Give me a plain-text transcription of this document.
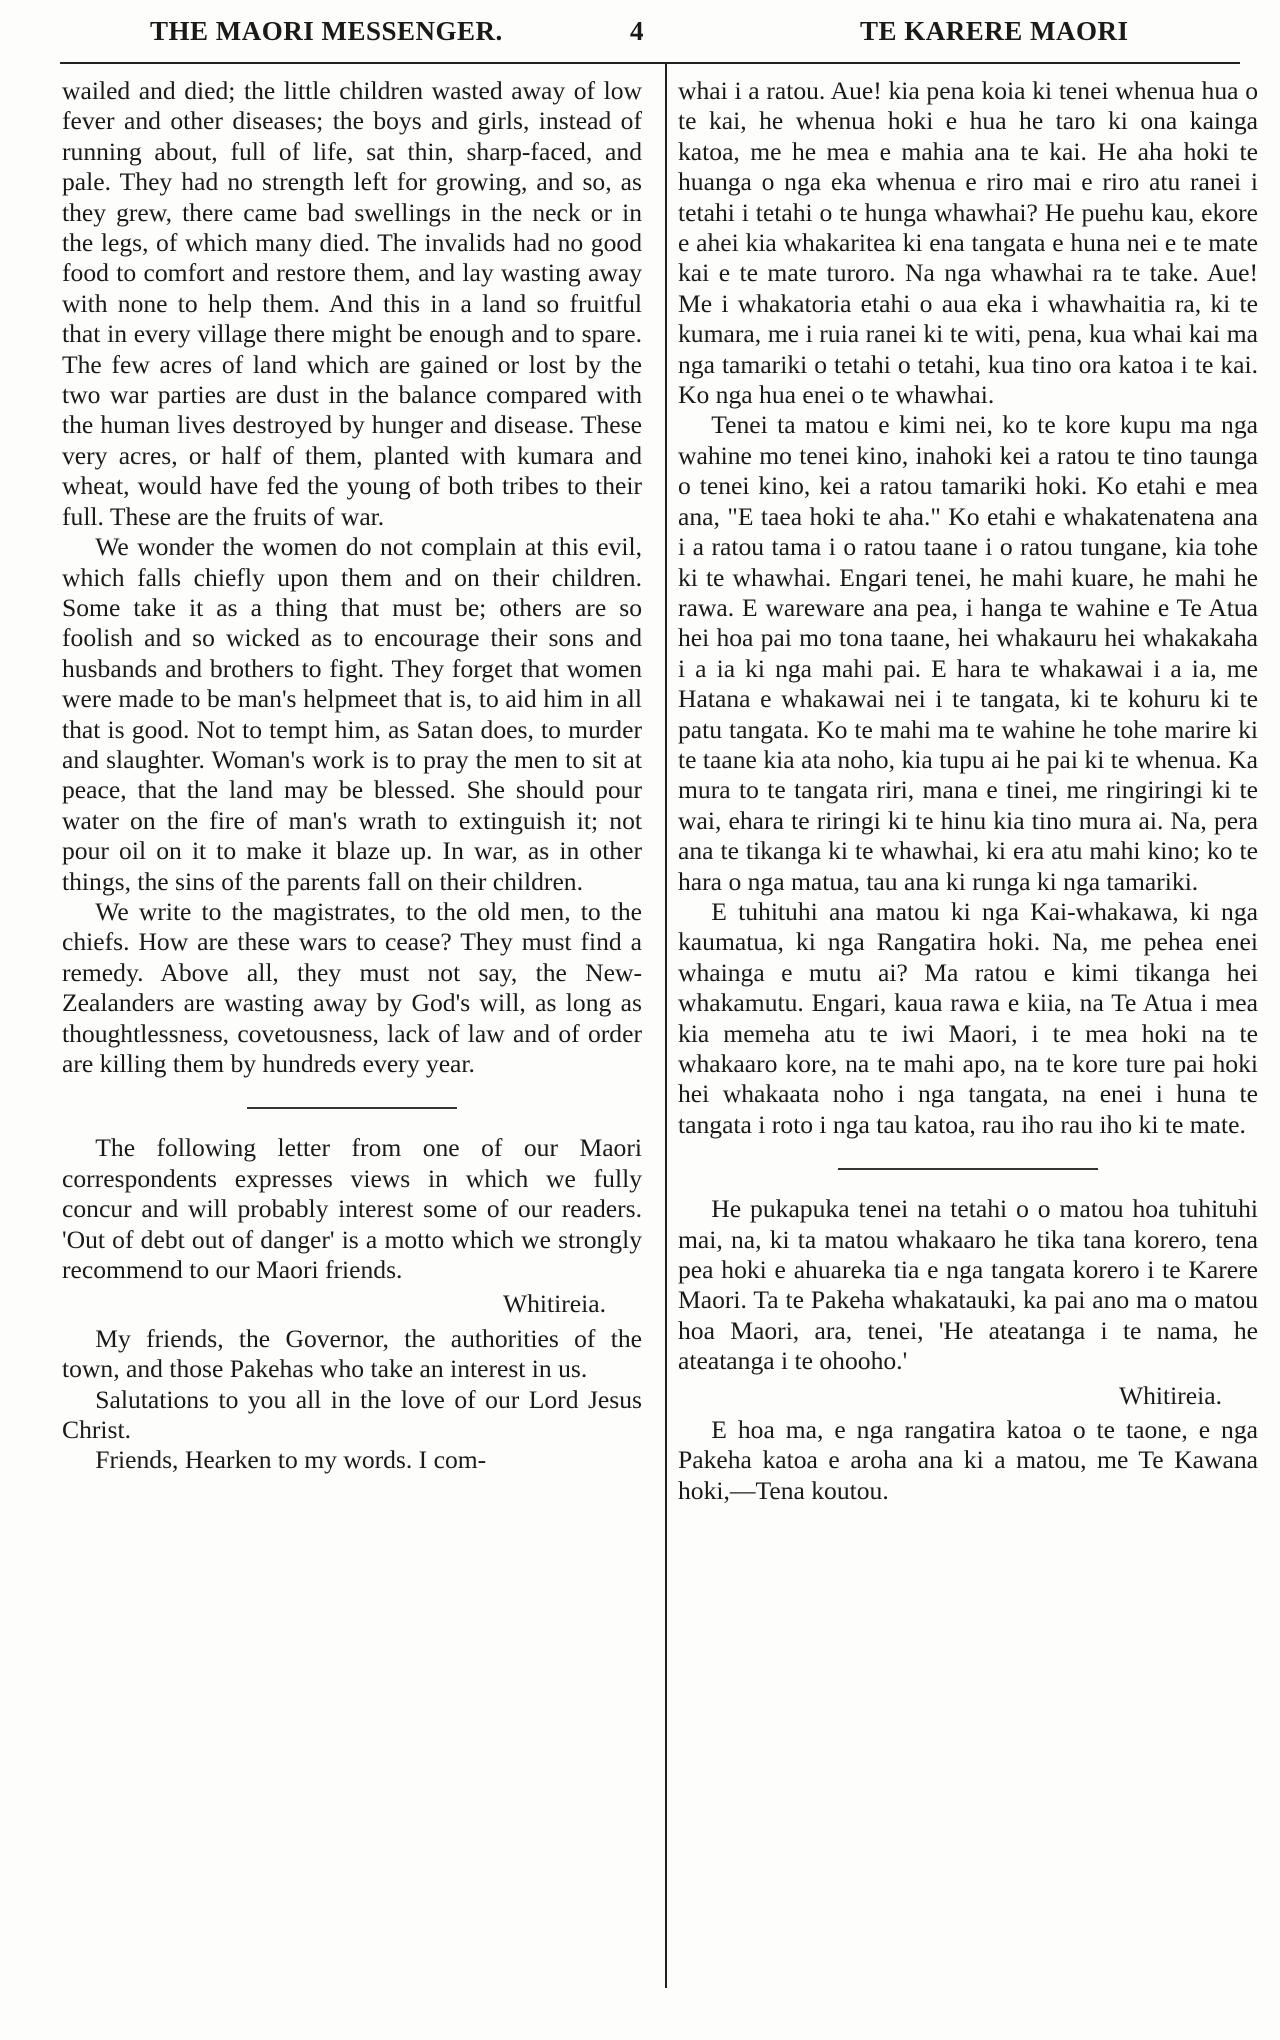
THE MAORI MESSENGER.	4	TE KARERE MAORI

wailed and died; the little children wasted away of low fever and other diseases; the boys and girls, instead of running about, full of life, sat thin, sharp-faced, and pale. They had no strength left for growing, and so, as they grew, there came bad swellings in the neck or in the legs, of which many died. The invalids had no good food to comfort and restore them, and lay wasting away with none to help them. And this in a land so fruitful that in every village there might be enough and to spare. The few acres of land which are gained or lost by the two war parties are dust in the balance compared with the human lives destroyed by hunger and disease. These very acres, or half of them, planted with kumara and wheat, would have fed the young of both tribes to their full. These are the fruits of war.

We wonder the women do not complain at this evil, which falls chiefly upon them and on their children. Some take it as a thing that must be; others are so foolish and so wicked as to encourage their sons and husbands and brothers to fight. They forget that women were made to be man's helpmeet that is, to aid him in all that is good. Not to tempt him, as Satan does, to murder and slaughter. Woman's work is to pray the men to sit at peace, that the land may be blessed. She should pour water on the fire of man's wrath to extinguish it; not pour oil on it to make it blaze up. In war, as in other things, the sins of the parents fall on their children.

We write to the magistrates, to the old men, to the chiefs. How are these wars to cease? They must find a remedy. Above all, they must not say, the New-Zealanders are wasting away by God's will, as long as thoughtlessness, covetousness, lack of law and of order are killing them by hundreds every year.

The following letter from one of our Maori correspondents expresses views in which we fully concur and will probably interest some of our readers. 'Out of debt out of danger' is a motto which we strongly recommend to our Maori friends.

Whitireia.

My friends, the Governor, the authorities of the town, and those Pakehas who take an interest in us.

Salutations to you all in the love of our Lord Jesus Christ.

Friends, Hearken to my words. I com-

whai i a ratou. Aue! kia pena koia ki tenei whenua hua o te kai, he whenua hoki e hua he taro ki ona kainga katoa, me he mea e mahia ana te kai. He aha hoki te huanga o nga eka whenua e riro mai e riro atu ranei i tetahi i tetahi o te hunga whawhai? He puehu kau, ekore e ahei kia whakaritea ki ena tangata e huna nei e te mate kai e te mate turoro. Na nga whawhai ra te take. Aue! Me i whakatoria etahi o aua eka i whawhaitia ra, ki te kumara, me i ruia ranei ki te witi, pena, kua whai kai ma nga tamariki o tetahi o tetahi, kua tino ora katoa i te kai. Ko nga hua enei o te whawhai.

Tenei ta matou e kimi nei, ko te kore kupu ma nga wahine mo tenei kino, inahoki kei a ratou te tino taunga o tenei kino, kei a ratou tamariki hoki. Ko etahi e mea ana, "E taea hoki te aha." Ko etahi e whakatenatena ana i a ratou tama i o ratou taane i o ratou tungane, kia tohe ki te whawhai. Engari tenei, he mahi kuare, he mahi he rawa. E wareware ana pea, i hanga te wahine e Te Atua hei hoa pai mo tona taane, hei whakauru hei whakakaha i a ia ki nga mahi pai. E hara te whakawai i a ia, me Hatana e whakawai nei i te tangata, ki te kohuru ki te patu tangata. Ko te mahi ma te wahine he tohe marire ki te taane kia ata noho, kia tupu ai he pai ki te whenua. Ka mura to te tangata riri, mana e tinei, me ringiringi ki te wai, ehara te riringi ki te hinu kia tino mura ai. Na, pera ana te tikanga ki te whawhai, ki era atu mahi kino; ko te hara o nga matua, tau ana ki runga ki nga tamariki.

E tuhituhi ana matou ki nga Kai-whakawa, ki nga kaumatua, ki nga Rangatira hoki. Na, me pehea enei whainga e mutu ai? Ma ratou e kimi tikanga hei whakamutu. Engari, kaua rawa e kiia, na Te Atua i mea kia memeha atu te iwi Maori, i te mea hoki na te whakaaro kore, na te mahi apo, na te kore ture pai hoki hei whakaata noho i nga tangata, na enei i huna te tangata i roto i nga tau katoa, rau iho rau iho ki te mate.

He pukapuka tenei na tetahi o o matou hoa tuhituhi mai, na, ki ta matou whakaaro he tika tana korero, tena pea hoki e ahuareka tia e nga tangata korero i te Karere Maori. Ta te Pakeha whakatauki, ka pai ano ma o matou hoa Maori, ara, tenei, 'He ateatanga i te nama, he ateatanga i te ohooho.'

Whitireia.

E hoa ma, e nga rangatira katoa o te taone, e nga Pakeha katoa e aroha ana ki a matou, me Te Kawana hoki,—Tena koutou.
